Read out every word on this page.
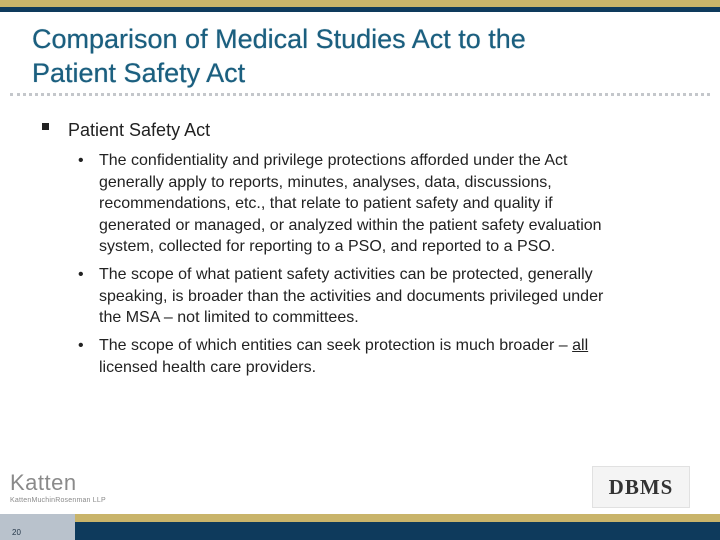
Comparison of Medical Studies Act to the
Patient Safety Act
Patient Safety Act
• The confidentiality and privilege protections afforded under the Act
generally apply to reports, minutes, analyses, data, discussions,
recommendations, etc., that relate to patient safety and quality if
generated or managed, or analyzed within the patient safety evaluation
system, collected for reporting to a PSO, and reported to a PSO.
• The scope of what patient safety activities can be protected, generally
speaking, is broader than the activities and documents privileged under
the MSA – not limited to committees.
• The scope of which entities can seek protection is much broader – all
licensed health care providers.
Katten
KattenMuchinRosenman LLP
DBMS
20
